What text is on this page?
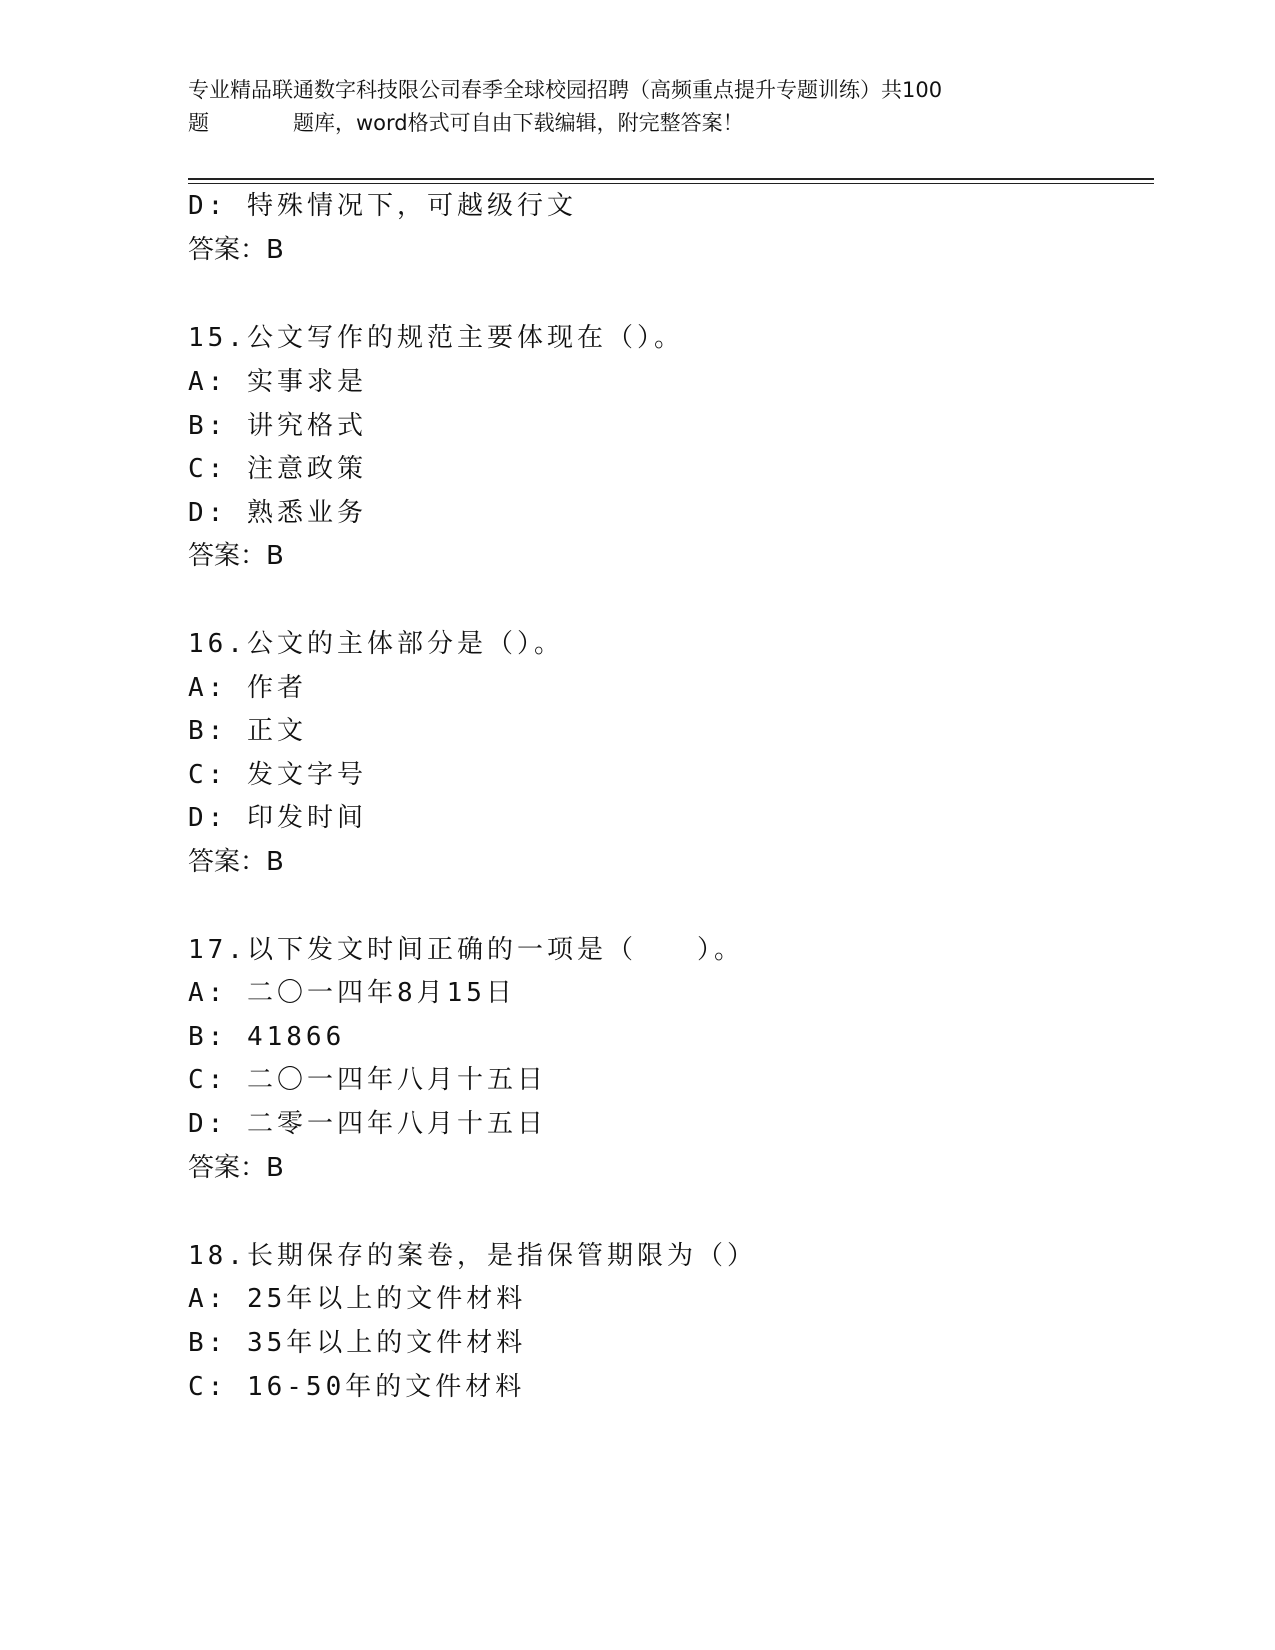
专业精品联通数字科技限公司春季全球校园招聘（高频重点提升专题训练）共100
题　　　　题库，word格式可自由下载编辑，附完整答案！
D: 特殊情况下，可越级行文
答案：B
15.公文写作的规范主要体现在（）。
A: 实事求是
B: 讲究格式
C: 注意政策
D: 熟悉业务
答案：B
16.公文的主体部分是（）。
A: 作者
B: 正文
C: 发文字号
D: 印发时间
答案：B
17.以下发文时间正确的一项是（　　）。
A: 二〇一四年8月15日
B: 41866
C: 二〇一四年八月十五日
D: 二零一四年八月十五日
答案：B
18.长期保存的案卷，是指保管期限为（）
A: 25年以上的文件材料
B: 35年以上的文件材料
C: 16-50年的文件材料
